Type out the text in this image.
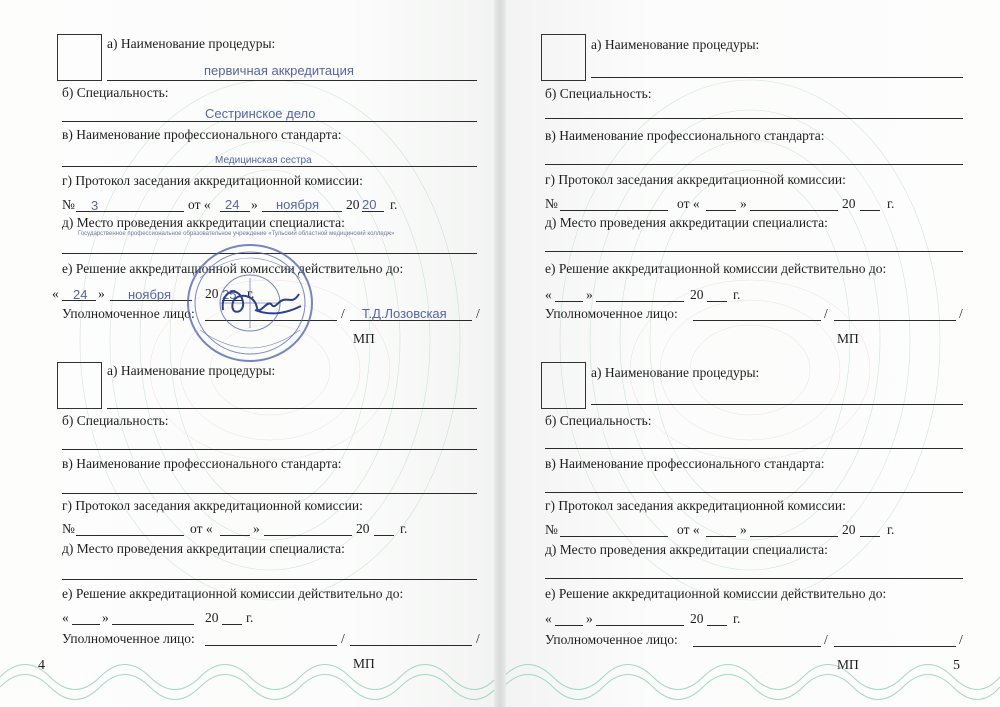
а) Наименование процедуры:
первичная аккредитация
б) Специальность:
Сестринское дело
в) Наименование профессионального стандарта:
Медицинская сестра
г) Протокол заседания аккредитационной комиссии:
№ 3	от « 24 » ноября 20 20 г.
д) Место проведения аккредитации специалиста:
Государственное профессиональное образовательное учреждение «Тульский областной медицинский колледж»
е) Решение аккредитационной комиссии действительно до:
« 24 » ноября	20 25 г.
Уполномоченное лицо:	/ Т.Д.Лозовская /
МП
а) Наименование процедуры:
б) Специальность:
в) Наименование профессионального стандарта:
г) Протокол заседания аккредитационной комиссии:
№	от «	»	20 г.
д) Место проведения аккредитации специалиста:
е) Решение аккредитационной комиссии действительно до:
« »	20 г.
Уполномоченное лицо:	/	/
МП
4
а) Наименование процедуры:
б) Специальность:
в) Наименование профессионального стандарта:
г) Протокол заседания аккредитационной комиссии:
№	от «	»	20 г.
д) Место проведения аккредитации специалиста:
е) Решение аккредитационной комиссии действительно до:
«	»	20 г.
Уполномоченное лицо:	/	/
МП
а) Наименование процедуры:
б) Специальность:
в) Наименование профессионального стандарта:
г) Протокол заседания аккредитационной комиссии:
№	от «	»	20 г.
д) Место проведения аккредитации специалиста:
е) Решение аккредитационной комиссии действительно до:
«	»	20 г.
Уполномоченное лицо:	/	/
МП	5
